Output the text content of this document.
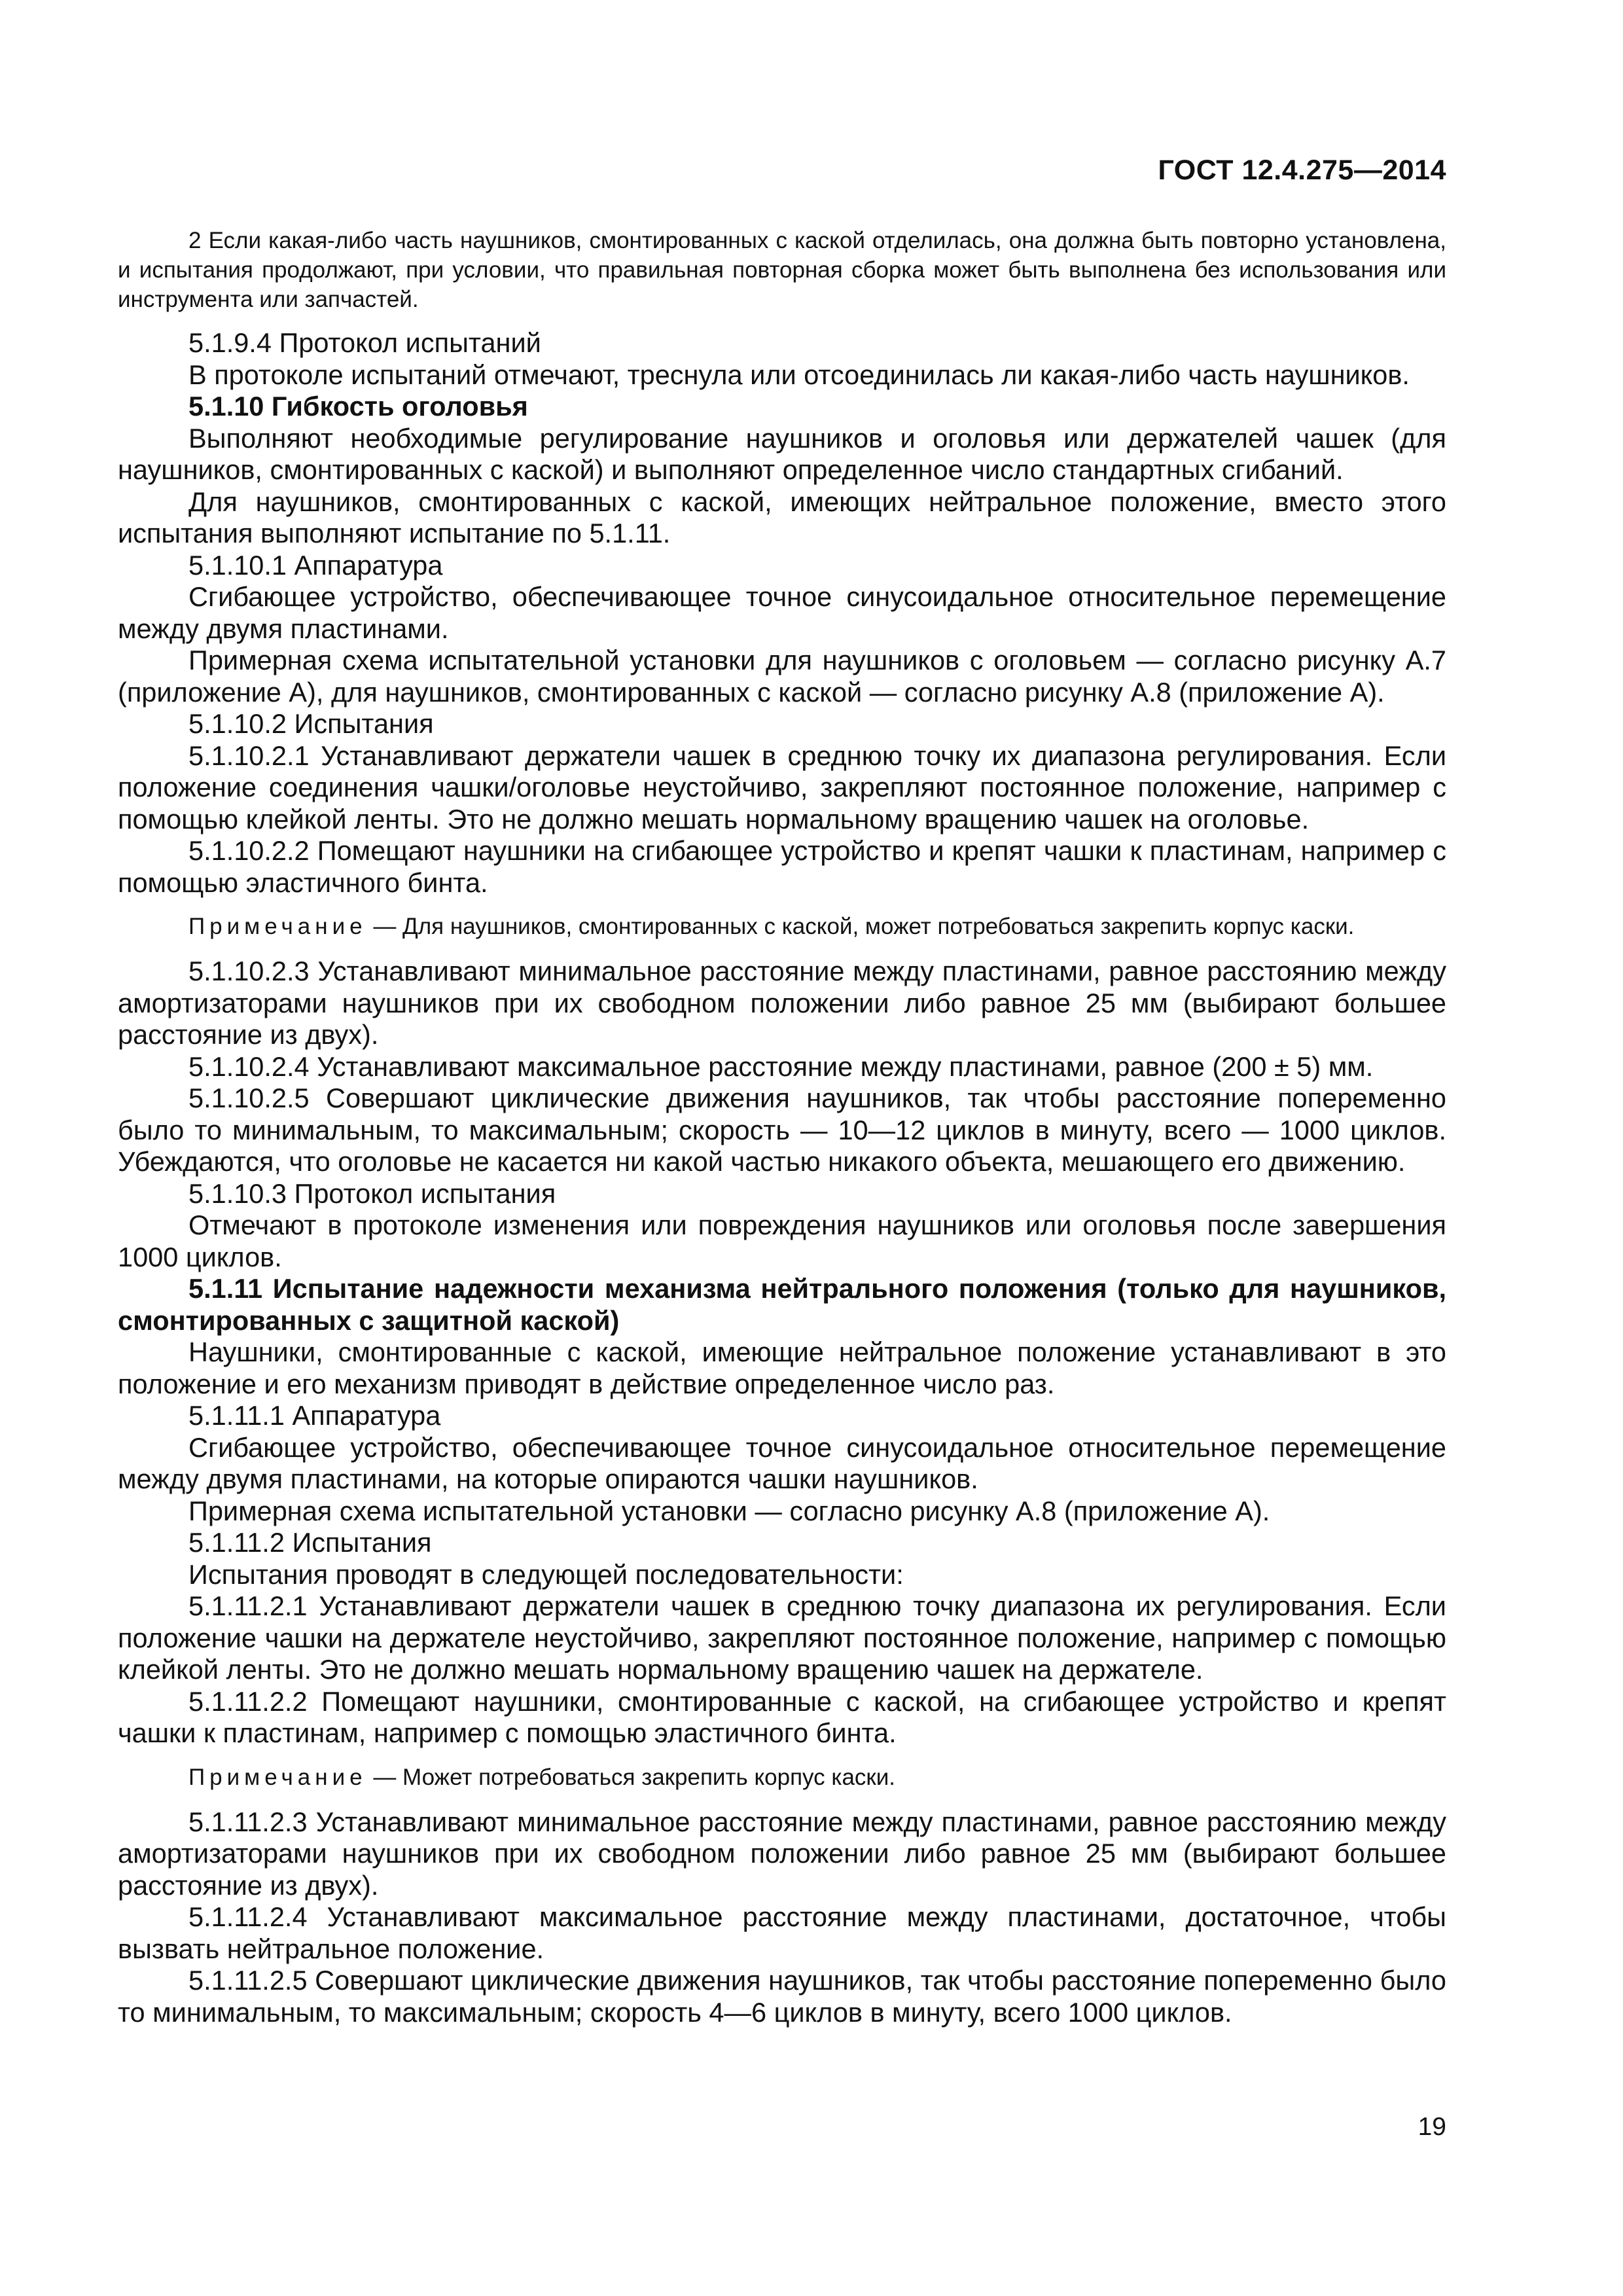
ГОСТ 12.4.275—2014

2 Если какая-либо часть наушников, смонтированных с каской отделилась, она должна быть повторно установлена, и испытания продолжают, при условии, что правильная повторная сборка может быть выполнена без использования или инструмента или запчастей.

5.1.9.4 Протокол испытаний

В протоколе испытаний отмечают, треснула или отсоединилась ли какая-либо часть наушников.

5.1.10 Гибкость оголовья

Выполняют необходимые регулирование наушников и оголовья или держателей чашек (для наушников, смонтированных с каской) и выполняют определенное число стандартных сгибаний.

Для наушников, смонтированных с каской, имеющих нейтральное положение, вместо этого испытания выполняют испытание по 5.1.11.

5.1.10.1 Аппаратура

Сгибающее устройство, обеспечивающее точное синусоидальное относительное перемещение между двумя пластинами.

Примерная схема испытательной установки для наушников с оголовьем — согласно рисунку А.7 (приложение А), для наушников, смонтированных с каской — согласно рисунку А.8 (приложение А).

5.1.10.2 Испытания

5.1.10.2.1 Устанавливают держатели чашек в среднюю точку их диапазона регулирования. Если положение соединения чашки/оголовье неустойчиво, закрепляют постоянное положение, например с помощью клейкой ленты. Это не должно мешать нормальному вращению чашек на оголовье.

5.1.10.2.2 Помещают наушники на сгибающее устройство и крепят чашки к пластинам, например с помощью эластичного бинта.

Примечание — Для наушников, смонтированных с каской, может потребоваться закрепить корпус каски.

5.1.10.2.3 Устанавливают минимальное расстояние между пластинами, равное расстоянию между амортизаторами наушников при их свободном положении либо равное 25 мм (выбирают большее расстояние из двух).

5.1.10.2.4 Устанавливают максимальное расстояние между пластинами, равное (200 ± 5) мм.

5.1.10.2.5 Совершают циклические движения наушников, так чтобы расстояние попеременно было то минимальным, то максимальным; скорость — 10—12 циклов в минуту, всего — 1000 циклов. Убеждаются, что оголовье не касается ни какой частью никакого объекта, мешающего его движению.

5.1.10.3 Протокол испытания

Отмечают в протоколе изменения или повреждения наушников или оголовья после завершения 1000 циклов.

5.1.11 Испытание надежности механизма нейтрального положения (только для наушников, смонтированных с защитной каской)

Наушники, смонтированные с каской, имеющие нейтральное положение устанавливают в это положение и его механизм приводят в действие определенное число раз.

5.1.11.1 Аппаратура

Сгибающее устройство, обеспечивающее точное синусоидальное относительное перемещение между двумя пластинами, на которые опираются чашки наушников.

Примерная схема испытательной установки — согласно рисунку А.8 (приложение А).

5.1.11.2 Испытания

Испытания проводят в следующей последовательности:

5.1.11.2.1 Устанавливают держатели чашек в среднюю точку диапазона их регулирования. Если положение чашки на держателе неустойчиво, закрепляют постоянное положение, например с помощью клейкой ленты. Это не должно мешать нормальному вращению чашек на держателе.

5.1.11.2.2 Помещают наушники, смонтированные с каской, на сгибающее устройство и крепят чашки к пластинам, например с помощью эластичного бинта.

Примечание — Может потребоваться закрепить корпус каски.

5.1.11.2.3 Устанавливают минимальное расстояние между пластинами, равное расстоянию между амортизаторами наушников при их свободном положении либо равное 25 мм (выбирают большее расстояние из двух).

5.1.11.2.4 Устанавливают максимальное расстояние между пластинами, достаточное, чтобы вызвать нейтральное положение.

5.1.11.2.5 Совершают циклические движения наушников, так чтобы расстояние попеременно было то минимальным, то максимальным; скорость 4—6 циклов в минуту, всего 1000 циклов.

19
